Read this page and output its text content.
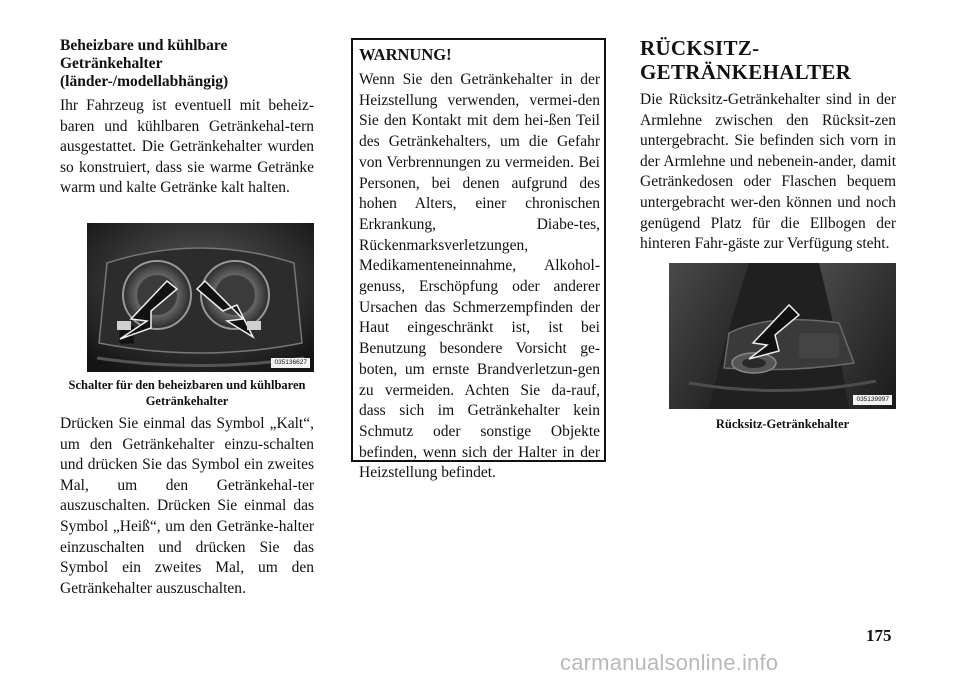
Beheizbare und kühlbare
Getränkehalter
(länder-/modellabhängig)

Ihr Fahrzeug ist eventuell mit beheiz-baren und kühlbaren Getränkehal-tern ausgestattet. Die Getränkehalter wurden so konstruiert, dass sie warme Getränke warm und kalte Getränke kalt halten.

035136627

Schalter für den beheizbaren und kühlbaren Getränkehalter

Drücken Sie einmal das Symbol „Kalt“, um den Getränkehalter einzu-schalten und drücken Sie das Symbol ein zweites Mal, um den Getränkehal-ter auszuschalten. Drücken Sie einmal das Symbol „Heiß“, um den Getränke-halter einzuschalten und drücken Sie das Symbol ein zweites Mal, um den Getränkehalter auszuschalten.

WARNUNG!

Wenn Sie den Getränkehalter in der Heizstellung verwenden, vermei-den Sie den Kontakt mit dem hei-ßen Teil des Getränkehalters, um die Gefahr von Verbrennungen zu vermeiden. Bei Personen, bei denen aufgrund des hohen Alters, einer chronischen Erkrankung, Diabe-tes, Rückenmarksverletzungen, Medikamenteneinnahme, Alkohol-genuss, Erschöpfung oder anderer Ursachen das Schmerzempfinden der Haut eingeschränkt ist, ist bei Benutzung besondere Vorsicht ge-boten, um ernste Brandverletzun-gen zu vermeiden. Achten Sie da-rauf, dass sich im Getränkehalter kein Schmutz oder sonstige Objekte befinden, wenn sich der Halter in der Heizstellung befindet.

RÜCKSITZ-
GETRÄNKEHALTER

Die Rücksitz-Getränkehalter sind in der Armlehne zwischen den Rücksit-zen untergebracht. Sie befinden sich vorn in der Armlehne und nebenein-ander, damit Getränkedosen oder Flaschen bequem untergebracht wer-den können und noch genügend Platz für die Ellbogen der hinteren Fahr-gäste zur Verfügung steht.

035139997

Rücksitz-Getränkehalter

175
carmanualsonline.info
